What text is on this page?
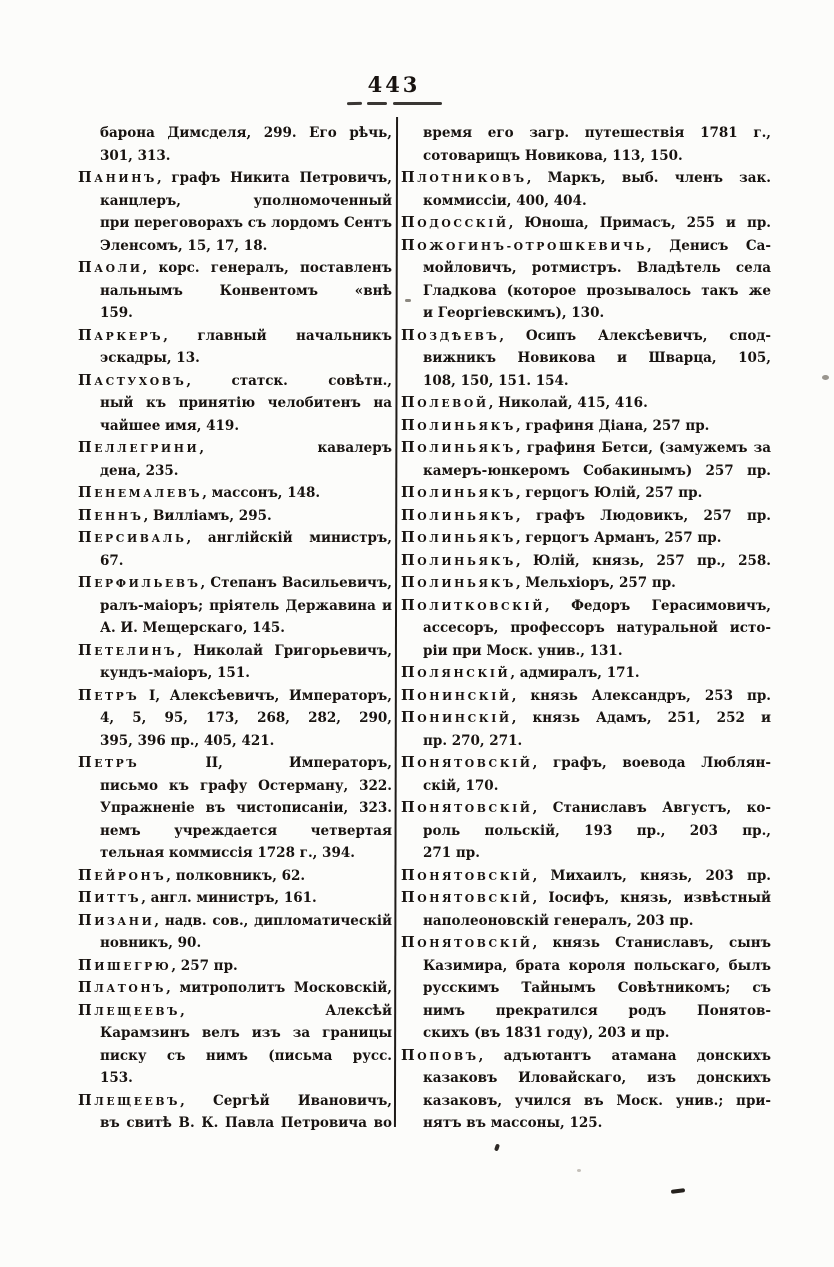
443
барона Димсделя, 299. Его рѣчь,
301, 313.
ПАНИНЪ, графъ Никита Петровичъ,
канцлеръ, уполномоченный
при переговорахъ съ лордомъ Сентъ
Эленсомъ, 15, 17, 18.
ПАОЛИ, корс. генералъ, поставленъ
нальнымъ Конвентомъ «внѣ
159.
ПАРКЕРЪ, главный начальникъ
эскадры, 13.
ПАСТУХОВЪ, статск. совѣтн.,
ный къ принятію челобитенъ на
чайшее имя, 419.
ПЕЛЛЕГРИНИ, кавалеръ
дена, 235.
ПЕНЕМАЛЕВЪ, массонъ, 148.
ПЕННЪ, Вилліамъ, 295.
ПЕРСИВАЛЬ, англійскій министръ,
67.
ПЕРФИЛЬЕВЪ, Степанъ Васильевичъ,
ралъ-маіоръ; пріятель Державина и
А. И. Мещерскаго, 145.
ПЕТЕЛИНЪ, Николай Григорьевичъ,
кундъ-маіоръ, 151.
ПЕТРЪ I, Алексѣевичъ, Императоръ,
4, 5, 95, 173, 268, 282, 290,
395, 396 пр., 405, 421.
ПЕТРЪ	II, Императоръ,
письмо къ графу Остерману, 322.
Упражненіе въ чистописаніи, 323.
немъ учреждается четвертая
тельная коммиссія 1728 г., 394.
ПЕЙРОНЪ, полковникъ, 62.
ПИТТЪ, англ. министръ, 161.
ПИЗАНИ, надв. сов., дипломатическій
новникъ, 90.
ПИШЕГРЮ, 257 пр.
ПЛАТОНЪ, митрополитъ Московскій,
ПЛЕЩЕЕВЪ, Алексѣй
Карамзинъ велъ изъ за границы
писку съ нимъ (письма русс.
153.
ПЛЕЩЕЕВЪ, Сергѣй Ивановичъ,
въ свитѣ В. К. Павла Петровича во
время его загр. путешествія 1781 г.,
сотоварищъ Новикова, 113, 150.
ПЛОТНИКОВЪ, Маркъ, выб. членъ зак.
коммиссіи, 400, 404.
ПОДОССКІЙ, Юноша, Примасъ, 255 и пр.
ПОЖОГИНЪ-ОТРОШКЕВИЧЬ, Денисъ Са-
мойловичъ, ротмистръ. Владѣтель села
Гладкова (которое прозывалось такъ же
и Георгіевскимъ), 130.
ПОЗДѢЕВЪ, Осипъ Алексѣевичъ, спод-
вижникъ Новикова и Шварца, 105,
108, 150, 151. 154.
ПОЛЕВОЙ, Николай, 415, 416.
ПОЛИНЬЯКЪ, графиня Діана, 257 пр.
ПОЛИНЬЯКЪ, графиня Бетси, (замужемъ за
камеръ-юнкеромъ Собакинымъ) 257 пр.
ПОЛИНЬЯКЪ, герцогъ Юлій, 257 пр.
ПОЛИНЬЯКЪ, графъ Людовикъ, 257 пр.
ПОЛИНЬЯКЪ, герцогъ Арманъ, 257 пр.
ПОЛИНЬЯКЪ, Юлій, князь, 257 пр., 258.
ПОЛИНЬЯКЪ, Мельхіоръ, 257 пр.
ПОЛИТКОВСКІЙ, Федоръ Герасимовичъ,
ассесоръ, профессоръ натуральной исто-
ріи при Моск. унив., 131.
ПОЛЯНСКІЙ, адмиралъ, 171.
ПОНИНСКІЙ, князь Александръ, 253 пр.
ПОНИНСКІЙ, князь Адамъ, 251, 252 и
пр. 270, 271.
ПОНЯТОВСКІЙ, графъ, воевода Люблян-
скій, 170.
ПОНЯТОВСКІЙ, Станиславъ Августъ, ко-
роль польскій, 193 пр., 203 пр.,
271 пр.
ПОНЯТОВСКІЙ, Михаилъ, князь, 203 пр.
ПОНЯТОВСКІЙ, Іосифъ, князь, извѣстный
наполеоновскій генералъ, 203 пр.
ПОНЯТОВСКІЙ, князь Станиславъ, сынъ
Казимира, брата короля польскаго, былъ
русскимъ Тайнымъ Совѣтникомъ; съ
нимъ прекратился родъ Понятов-
скихъ (въ 1831 году), 203 и пр.
ПОПОВЪ, адъютантъ атамана донскихъ
казаковъ Иловайскаго, изъ донскихъ
казаковъ, учился въ Моск. унив.; при-
нятъ въ массоны, 125.
